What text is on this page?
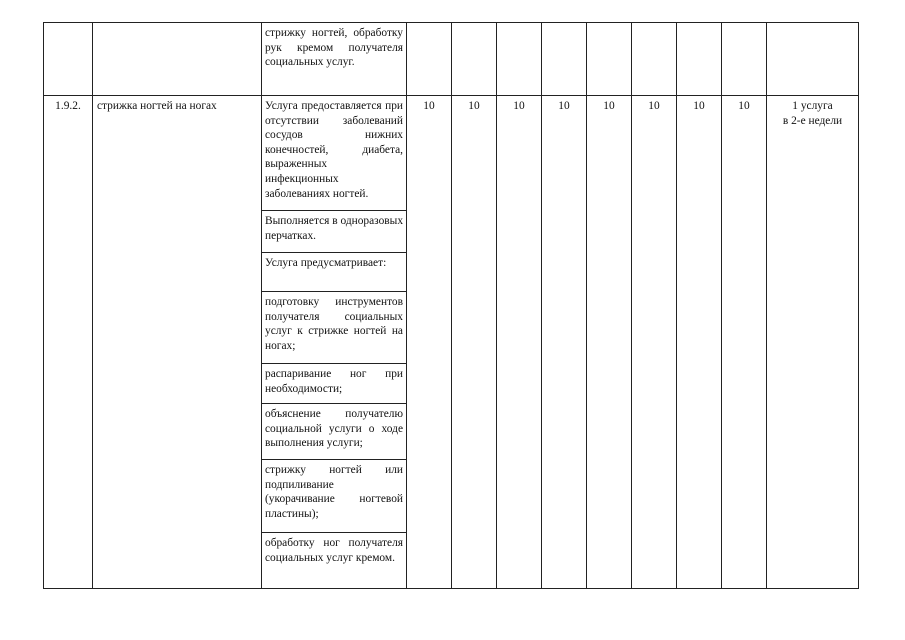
		стрижку ногтей, обработку рук кремом получателя социальных услуг.									
1.9.2.	стрижка ногтей на ногах	Услуга предоставляется при отсутствии заболеваний сосудов нижних конечностей, диабета, выраженных инфекционных заболеваниях ногтей.	10	10	10	10	10	10	10	10	1 услуга
в 2-е недели

		Выполняется в одноразовых перчатках.									
		Услуга предусматривает:									
		подготовку инструментов получателя социальных услуг к стрижке ногтей на ногах;									
		распаривание ног при необходимости;									
		объяснение получателю социальной услуги о ходе выполнения услуги;									
		стрижку ногтей или подпиливание (укорачивание ногтевой пластины);									
		обработку ног получателя социальных услуг кремом.									
